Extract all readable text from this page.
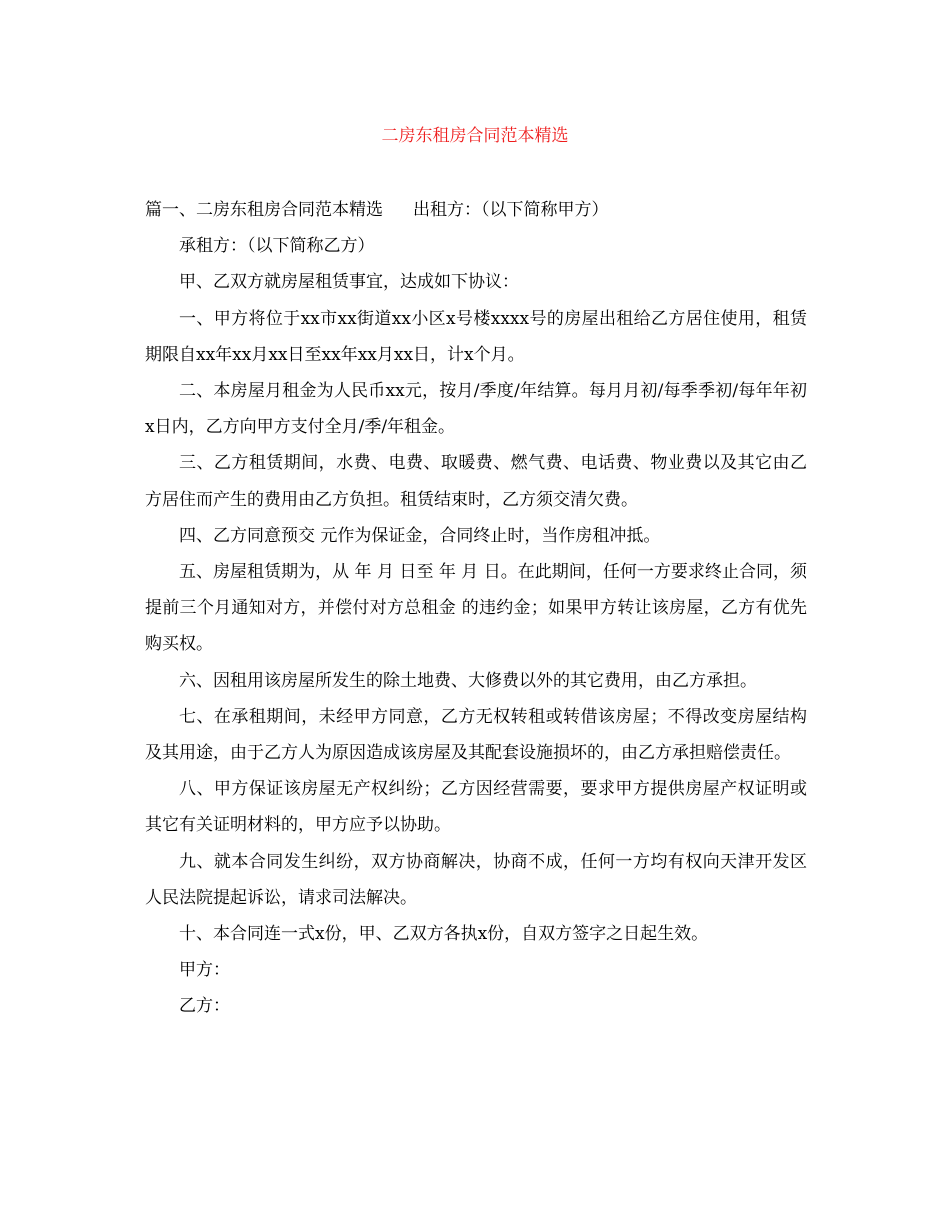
二房东租房合同范本精选

篇一、二房东租房合同范本精选 出租方：（以下简称甲方）

承租方：（以下简称乙方）

甲、乙双方就房屋租赁事宜，达成如下协议：

一、甲方将位于xx市xx街道xx小区x号楼xxxx号的房屋出租给乙方居住使用，租赁期限自xx年xx月xx日至xx年xx月xx日，计x个月。

二、本房屋月租金为人民币xx元，按月/季度/年结算。每月月初/每季季初/每年年初x日内，乙方向甲方支付全月/季/年租金。

三、乙方租赁期间，水费、电费、取暖费、燃气费、电话费、物业费以及其它由乙方居住而产生的费用由乙方负担。租赁结束时，乙方须交清欠费。

四、乙方同意预交 元作为保证金，合同终止时，当作房租冲抵。

五、房屋租赁期为，从 年 月 日至 年 月 日。在此期间，任何一方要求终止合同，须提前三个月通知对方，并偿付对方总租金 的违约金；如果甲方转让该房屋，乙方有优先购买权。

六、因租用该房屋所发生的除土地费、大修费以外的其它费用，由乙方承担。

七、在承租期间，未经甲方同意，乙方无权转租或转借该房屋；不得改变房屋结构及其用途，由于乙方人为原因造成该房屋及其配套设施损坏的，由乙方承担赔偿责任。

八、甲方保证该房屋无产权纠纷；乙方因经营需要，要求甲方提供房屋产权证明或其它有关证明材料的，甲方应予以协助。

九、就本合同发生纠纷，双方协商解决，协商不成，任何一方均有权向天津开发区人民法院提起诉讼，请求司法解决。

十、本合同连一式x份，甲、乙双方各执x份，自双方签字之日起生效。

甲方：

乙方：
